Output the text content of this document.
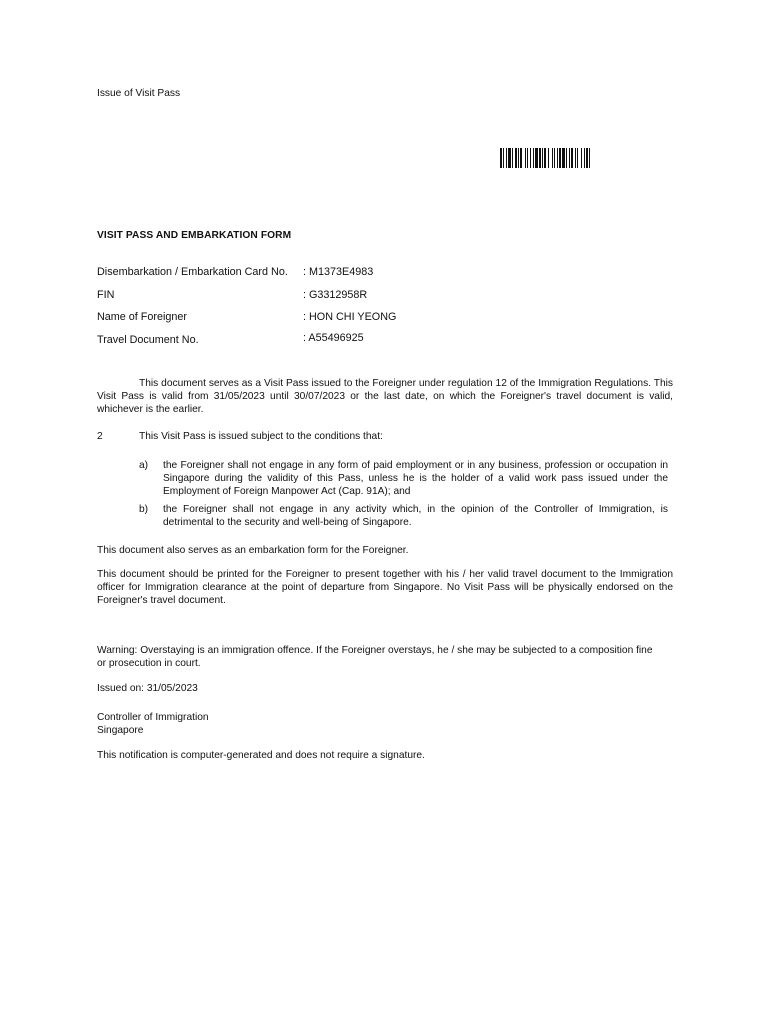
Issue of Visit Pass
VISIT PASS AND EMBARKATION FORM
Disembarkation / Embarkation Card No. : M1373E4983
FIN	: G3312958R
Name of Foreigner	: HON CHI YEONG
Travel Document No.	: A55496925
This document serves as a Visit Pass issued to the Foreigner under regulation 12 of the Immigration Regulations. This Visit Pass is valid from 31/05/2023 until 30/07/2023 or the last date, on which the Foreigner's travel document is valid, whichever is the earlier.
2	This Visit Pass is issued subject to the conditions that:
a) the Foreigner shall not engage in any form of paid employment or in any business, profession or occupation in Singapore during the validity of this Pass, unless he is the holder of a valid work pass issued under the Employment of Foreign Manpower Act (Cap. 91A); and
b) the Foreigner shall not engage in any activity which, in the opinion of the Controller of Immigration, is detrimental to the security and well-being of Singapore.
This document also serves as an embarkation form for the Foreigner.
This document should be printed for the Foreigner to present together with his / her valid travel document to the Immigration officer for Immigration clearance at the point of departure from Singapore. No Visit Pass will be physically endorsed on the Foreigner's travel document.
Warning: Overstaying is an immigration offence. If the Foreigner overstays, he / she may be subjected to a composition fine or prosecution in court.
Issued on: 31/05/2023
Controller of Immigration
Singapore
This notification is computer-generated and does not require a signature.
